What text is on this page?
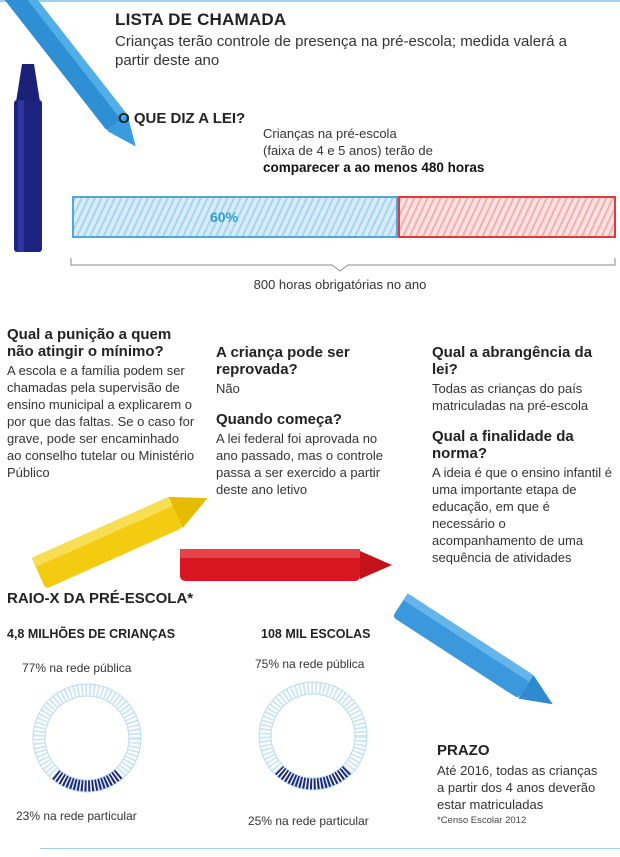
LISTA DE CHAMADA
Crianças terão controle de presença na pré-escola; medida valerá a partir deste ano
O QUE DIZ A LEI?
Crianças na pré-escola
(faixa de 4 e 5 anos) terão de
comparecer a ao menos 480 horas
60%
800 horas obrigatórias no ano
Qual a punição a quem não atingir o mínimo?
A escola e a família podem ser chamadas pela supervisão de ensino municipal a explicarem o por que das faltas. Se o caso for grave, pode ser encaminhado ao conselho tutelar ou Ministério Público
A criança pode ser reprovada?
Não
Quando começa?
A lei federal foi aprovada no ano passado, mas o controle passa a ser exercido a partir deste ano letivo
Qual a abrangência da lei?
Todas as crianças do país matriculadas na pré-escola
Qual a finalidade da norma?
A ideia é que o ensino infantil é uma importante etapa de educação, em que é necessário o acompanhamento de uma sequência de atividades
RAIO-X DA PRÉ-ESCOLA*
4,8 MILHÕES DE CRIANÇAS
77% na rede pública
23% na rede particular
108 MIL ESCOLAS
75% na rede pública
25% na rede particular
PRAZO
Até 2016, todas as crianças a partir dos 4 anos deverão estar matriculadas
*Censo Escolar 2012
